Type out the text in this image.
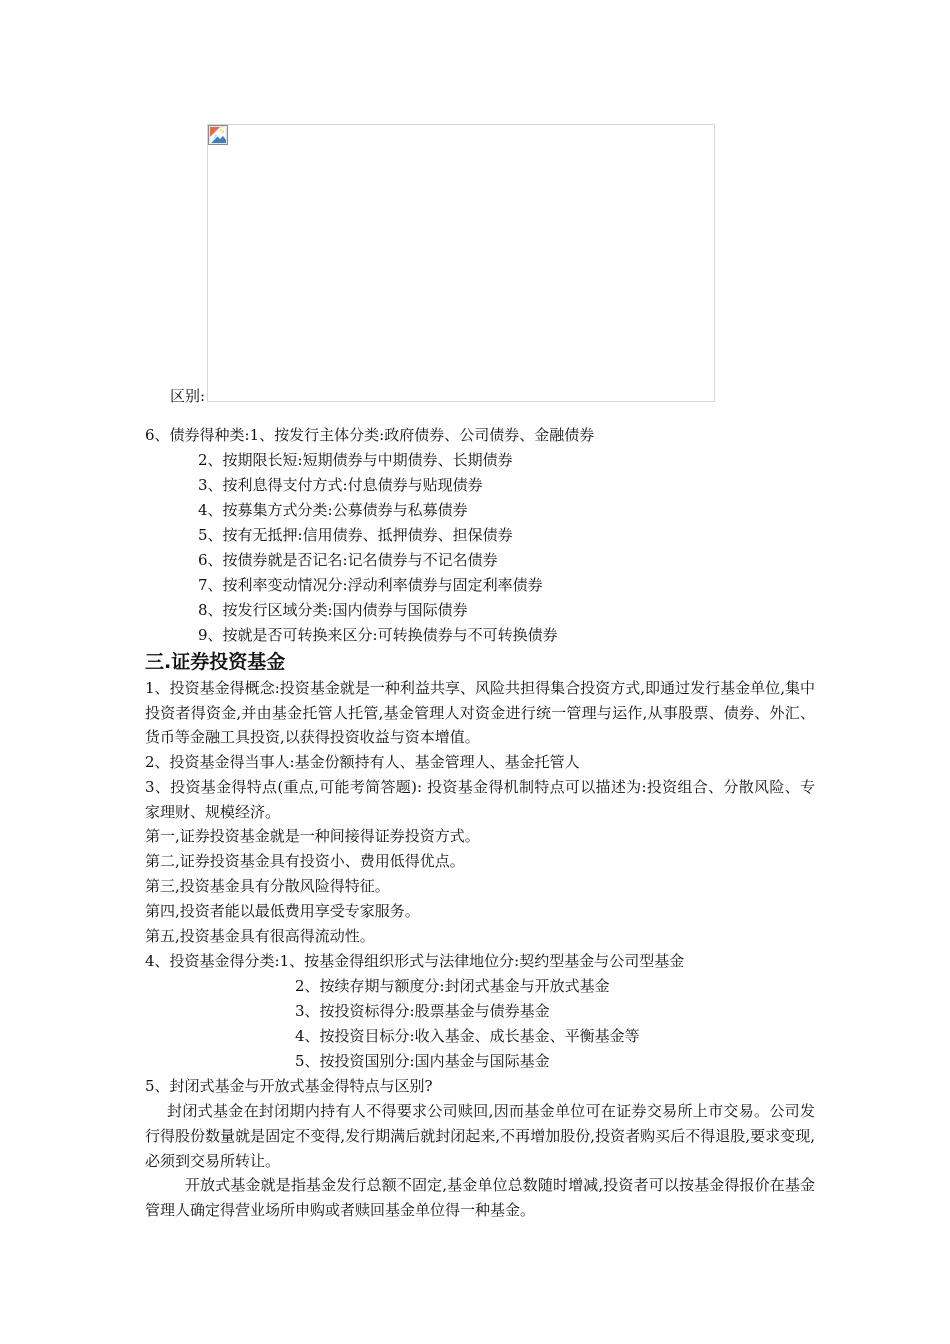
区别:
6、债券得种类:1、按发行主体分类:政府债券、公司债券、金融债券
2、按期限长短:短期债券与中期债券、长期债券
3、按利息得支付方式:付息债券与贴现债券
4、按募集方式分类:公募债券与私募债券
5、按有无抵押:信用债券、抵押债券、担保债券
6、按债券就是否记名:记名债券与不记名债券
7、按利率变动情况分:浮动利率债券与固定利率债券
8、按发行区域分类:国内债券与国际债券
9、按就是否可转换来区分:可转换债券与不可转换债券
三.证券投资基金

1、投资基金得概念:投资基金就是一种利益共享、风险共担得集合投资方式,即通过发行基金单位,集中投资者得资金,并由基金托管人托管,基金管理人对资金进行统一管理与运作,从事股票、债券、外汇、货币等金融工具投资,以获得投资收益与资本增值。

2、投资基金得当事人:基金份额持有人、基金管理人、基金托管人

3、投资基金得特点(重点,可能考简答题): 投资基金得机制特点可以描述为:投资组合、分散风险、专家理财、规模经济。

第一,证券投资基金就是一种间接得证券投资方式。
第二,证券投资基金具有投资小、费用低得优点。
第三,投资基金具有分散风险得特征。
第四,投资者能以最低费用享受专家服务。
第五,投资基金具有很高得流动性。
4、投资基金得分类:1、按基金得组织形式与法律地位分:契约型基金与公司型基金
2、按续存期与额度分:封闭式基金与开放式基金
3、按投资标得分:股票基金与债券基金
4、按投资目标分:收入基金、成长基金、平衡基金等
5、按投资国别分:国内基金与国际基金
5、封闭式基金与开放式基金得特点与区别?

封闭式基金在封闭期内持有人不得要求公司赎回,因而基金单位可在证券交易所上市交易。公司发行得股份数量就是固定不变得,发行期满后就封闭起来,不再增加股份,投资者购买后不得退股,要求变现,必须到交易所转让。

开放式基金就是指基金发行总额不固定,基金单位总数随时增减,投资者可以按基金得报价在基金管理人确定得营业场所申购或者赎回基金单位得一种基金。
